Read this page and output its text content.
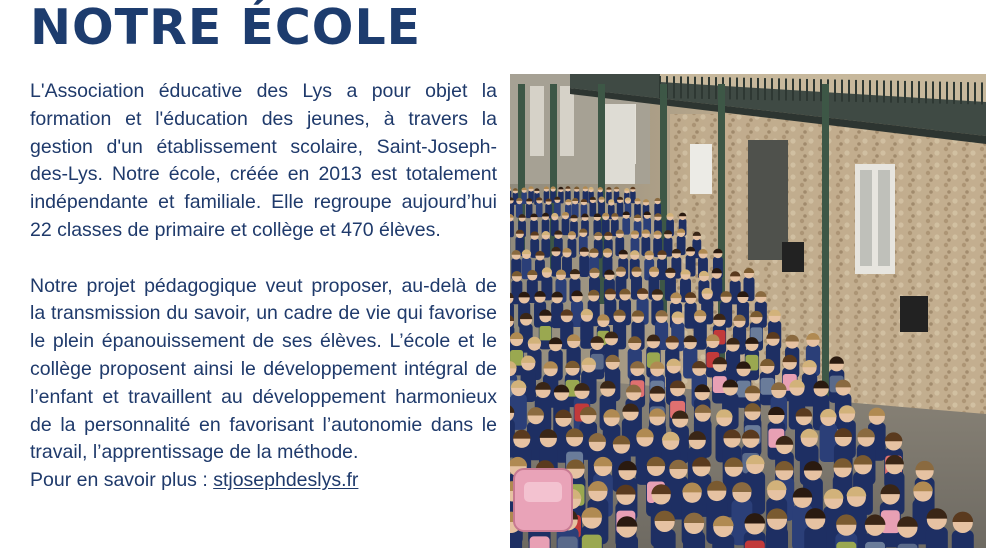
NOTRE ÉCOLE

L'Association éducative des Lys a pour objet la formation et l'éducation des jeunes, à travers la gestion d'un établissement scolaire, Saint-Joseph-des-Lys. Notre école, créée en 2013 est totalement indépendante et familiale. Elle regroupe aujourd’hui 22 classes de primaire et collège et 470 élèves.

Notre projet pédagogique veut proposer, au-delà de la transmission du savoir, un cadre de vie qui favorise le plein épanouissement de ses élèves. L’école et le collège proposent ainsi le développement intégral de l’enfant et travaillent au développement harmonieux de la personnalité en favorisant l’autonomie dans le travail, l’apprentissage de la méthode.

Pour en savoir plus : stjosephdeslys.fr
